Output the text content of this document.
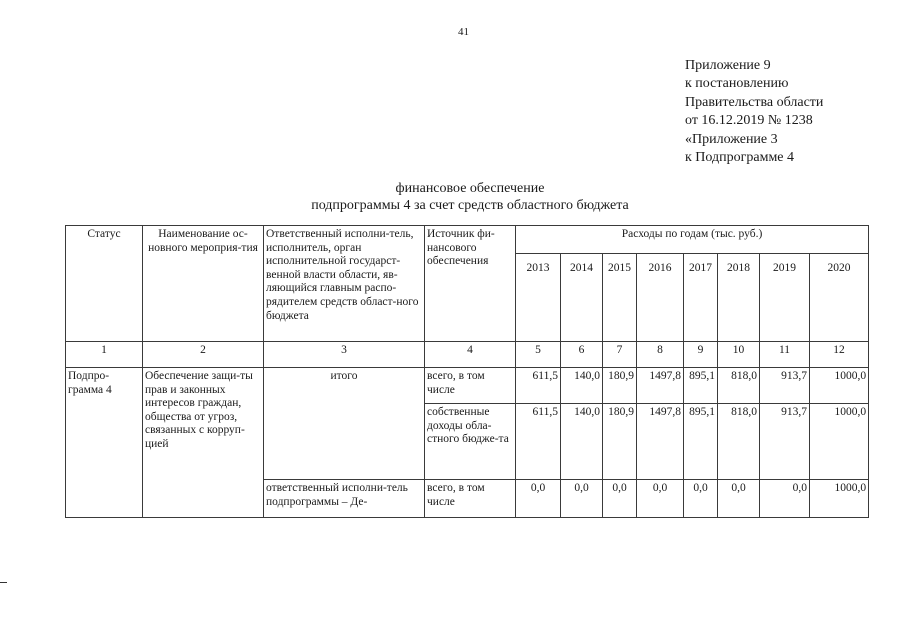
41
Приложение 9
к постановлению
Правительства области
от 16.12.2019 № 1238
«Приложение 3
к Подпрограмме 4
финансовое обеспечение
подпрограммы 4 за счет средств областного бюджета
Статус	Наименование ос-новного мероприя-тия	Ответственный исполни-тель, исполнитель, орган исполнительной государст-венной власти области, яв-ляющийся главным распо-рядителем средств област-ного бюджета	Источник фи-нансового обеспечения	Расходы по годам (тыс. руб.)							
				2013	2014	2015	2016	2017	2018	2019	2020
1	2	3	4	5	6	7	8	9	10	11	12
Подпро-грамма 4	Обеспечение защи-ты прав и законных интересов граждан, общества от угроз, связанных с корруп-цией	итого	всего, в том числе	611,5	140,0	180,9	1497,8	895,1	818,0	913,7	1000,0
			собственные доходы обла-стного бюдже-та	611,5	140,0	180,9	1497,8	895,1	818,0	913,7	1000,0
		ответственный исполни-тель подпрограммы – Де-	всего, в том числе	0,0	0,0	0,0	0,0	0,0	0,0	0,0	1000,0
